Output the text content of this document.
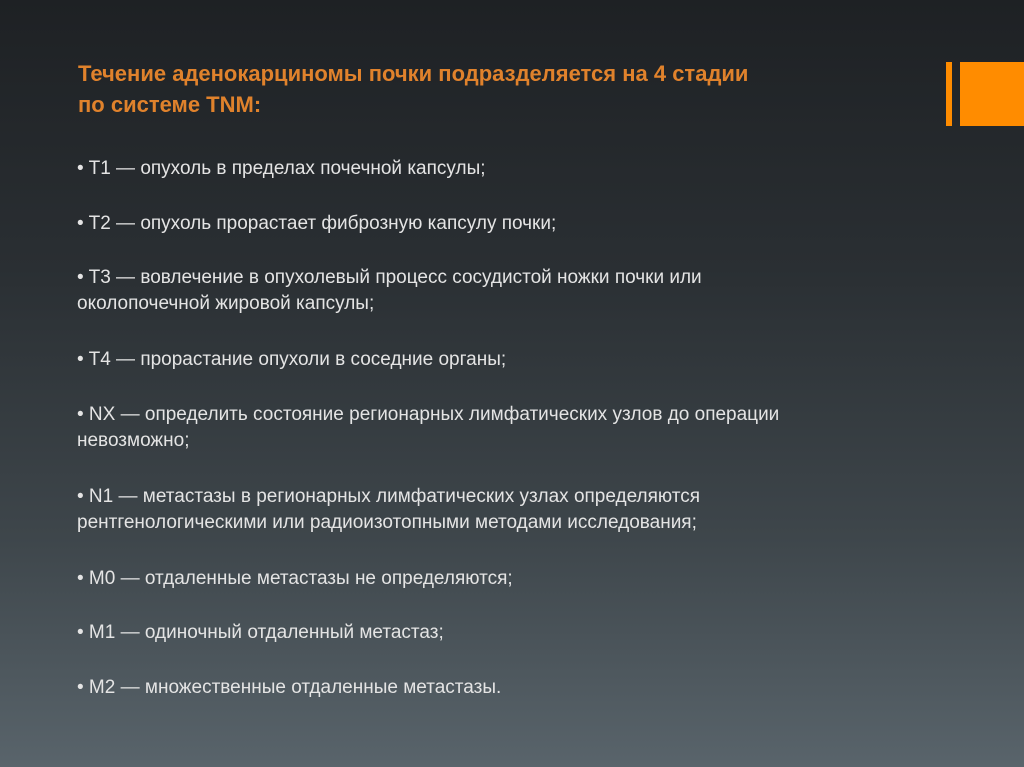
Течение аденокарциномы почки подразделяется на 4 стадии
по системе TNM:
• T1 — опухоль в пределах почечной капсулы;
• T2 — опухоль прорастает фиброзную капсулу почки;
• T3 — вовлечение в опухолевый процесс сосудистой ножки почки или
околопочечной жировой капсулы;
• T4 — прорастание опухоли в соседние органы;
• NX — определить состояние регионарных лимфатических узлов до операции
невозможно;
• N1 — метастазы в регионарных лимфатических узлах определяются
рентгенологическими или радиоизотопными методами исследования;
• M0 — отдаленные метастазы не определяются;
• M1 — одиночный отдаленный метастаз;
• M2 — множественные отдаленные метастазы.
